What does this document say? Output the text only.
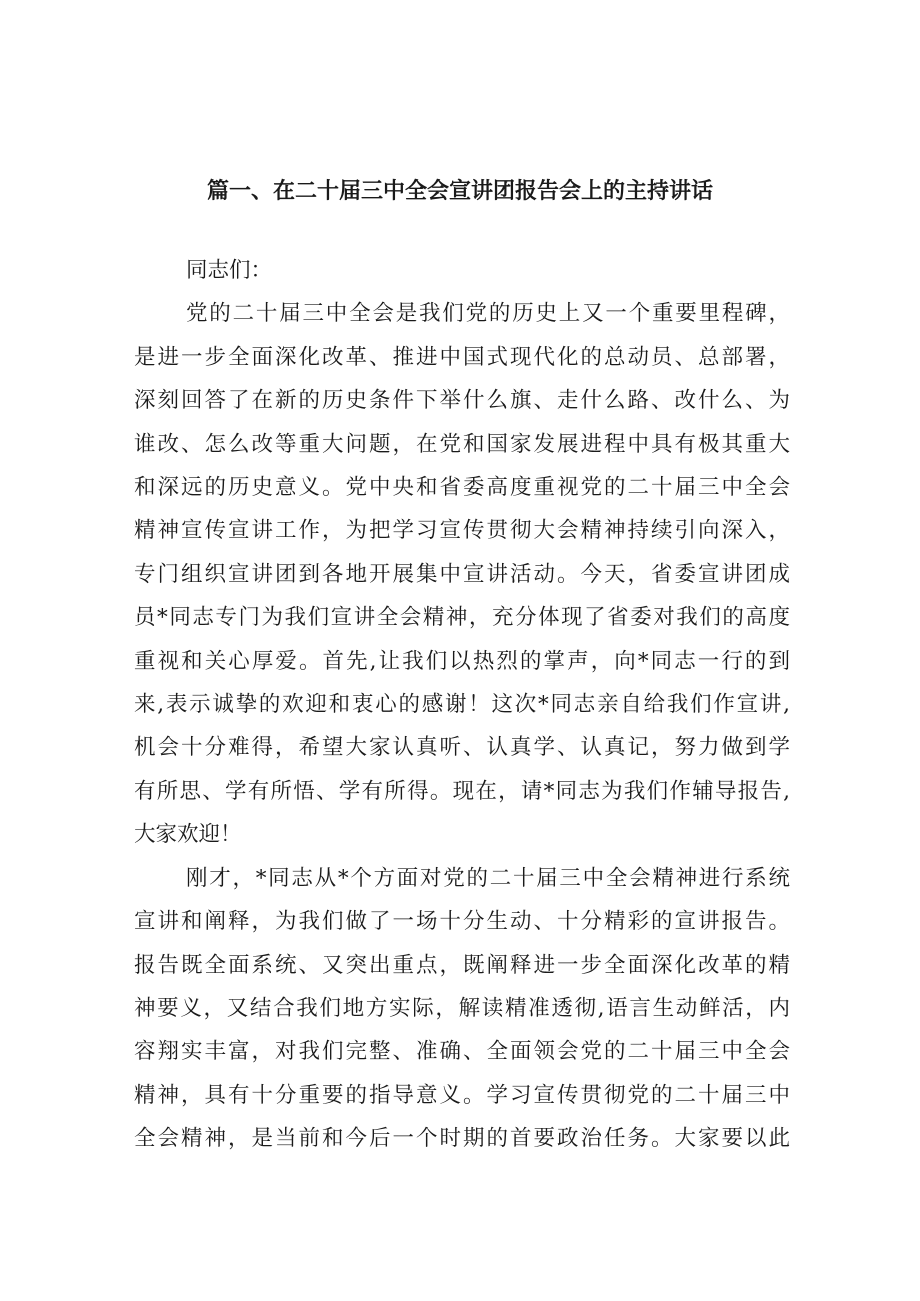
篇一、在二十届三中全会宣讲团报告会上的主持讲话
同志们：
党的二十届三中全会是我们党的历史上又一个重要里程碑，
是进一步全面深化改革、推进中国式现代化的总动员、总部署，
深刻回答了在新的历史条件下举什么旗、走什么路、改什么、为
谁改、怎么改等重大问题，在党和国家发展进程中具有极其重大
和深远的历史意义。党中央和省委高度重视党的二十届三中全会
精神宣传宣讲工作，为把学习宣传贯彻大会精神持续引向深入，
专门组织宣讲团到各地开展集中宣讲活动。今天，省委宣讲团成
员*同志专门为我们宣讲全会精神，充分体现了省委对我们的高度
重视和关心厚爱。首先,让我们以热烈的掌声，向*同志一行的到
来,表示诚挚的欢迎和衷心的感谢！这次*同志亲自给我们作宣讲,
机会十分难得，希望大家认真听、认真学、认真记，努力做到学
有所思、学有所悟、学有所得。现在，请*同志为我们作辅导报告,
大家欢迎！
刚才，*同志从*个方面对党的二十届三中全会精神进行系统
宣讲和阐释，为我们做了一场十分生动、十分精彩的宣讲报告。
报告既全面系统、又突出重点，既阐释进一步全面深化改革的精
神要义，又结合我们地方实际，解读精准透彻,语言生动鲜活，内
容翔实丰富，对我们完整、准确、全面领会党的二十届三中全会
精神，具有十分重要的指导意义。学习宣传贯彻党的二十届三中
全会精神，是当前和今后一个时期的首要政治任务。大家要以此
